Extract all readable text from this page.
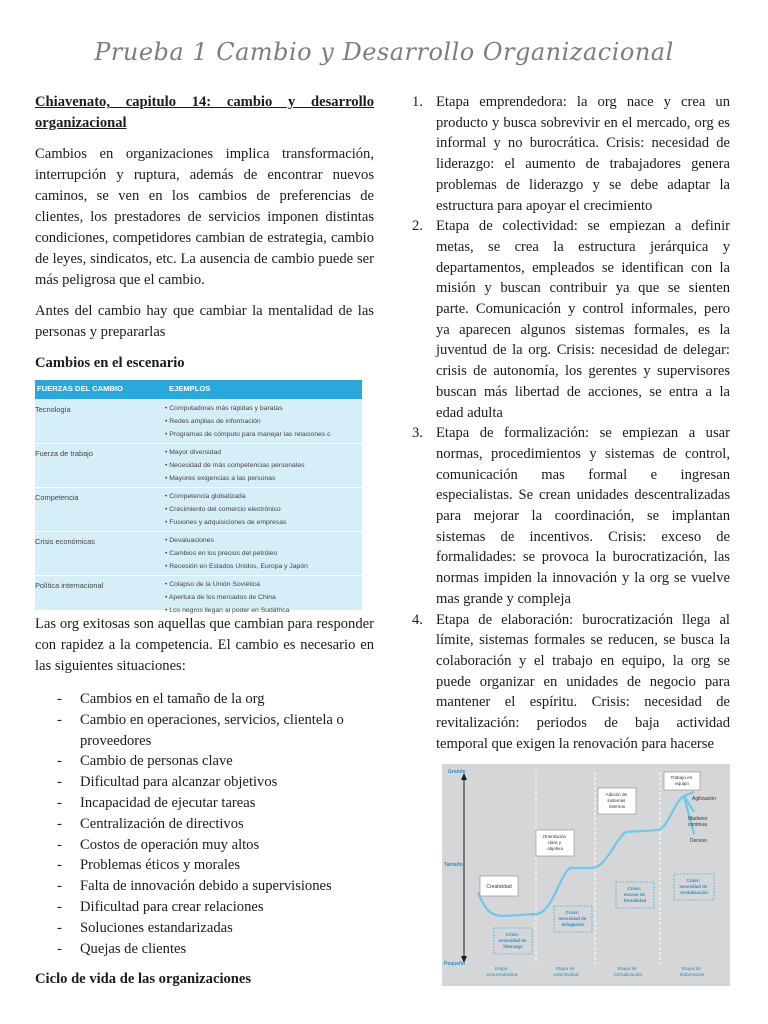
Prueba 1 Cambio y Desarrollo Organizacional
Chiavenato, capitulo 14: cambio y desarrollo organizacional

Cambios en organizaciones implica transformación, interrupción y ruptura, además de encontrar nuevos caminos, se ven en los cambios de preferencias de clientes, los prestadores de servicios imponen distintas condiciones, competidores cambian de estrategia, cambio de leyes, sindicatos, etc. La ausencia de cambio puede ser más peligrosa que el cambio.

Antes del cambio hay que cambiar la mentalidad de las personas y prepararlas

Cambios en el escenario
FUERZAS DEL CAMBIO	EJEMPLOS
Tecnología	• Computadoras más rápidas y baratas
• Redes amplias de información
• Programas de cómputo para manejar las relaciones c
Fuerza de trabajo	• Mayor diversidad
• Necesidad de más competencias personales
• Mayores exigencias a las personas
Competencia	• Competencia globalizada
• Crecimiento del comercio electrónico
• Fusiones y adquisiciones de empresas
Crisis económicas	• Devaluaciones
• Cambios en los precios del petróleo
• Recesión en Estados Unidos, Europa y Japón
Política internacional	• Colapso de la Unión Soviética
• Apertura de los mercados de China
• Los negros llegan al poder en Sudáfrica

Las org exitosas son aquellas que cambian para responder con rapidez a la competencia. El cambio es necesario en las siguientes situaciones:

- Cambios en el tamaño de la org
- Cambio en operaciones, servicios, clientela o proveedores
- Cambio de personas clave
- Dificultad para alcanzar objetivos
- Incapacidad de ejecutar tareas
- Centralización de directivos
- Costos de operación muy altos
- Problemas éticos y morales
- Falta de innovación debido a supervisiones
- Dificultad para crear relaciones
- Soluciones estandarizadas
- Quejas de clientes
Ciclo de vida de las organizaciones
1. Etapa emprendedora: la org nace y crea un producto y busca sobrevivir en el mercado, org es informal y no burocrática. Crisis: necesidad de liderazgo: el aumento de trabajadores genera problemas de liderazgo y se debe adaptar la estructura para apoyar el crecimiento
2. Etapa de colectividad: se empiezan a definir metas, se crea la estructura jerárquica y departamentos, empleados se identifican con la misión y buscan contribuir ya que se sienten parte. Comunicación y control informales, pero ya aparecen algunos sistemas formales, es la juventud de la org. Crisis: necesidad de delegar: crisis de autonomía, los gerentes y supervisores buscan más libertad de acciones, se entra a la edad adulta
3. Etapa de formalización: se empiezan a usar normas, procedimientos y sistemas de control, comunicación mas formal e ingresan especialistas. Se crean unidades descentralizadas para mejorar la coordinación, se implantan sistemas de incentivos. Crisis: exceso de formalidades: se provoca la burocratización, las normas impiden la innovación y la org se vuelve mas grande y compleja
4. Etapa de elaboración: burocratización llega al límite, sistemas formales se reducen, se busca la colaboración y el trabajo en equipo, la org se puede organizar en unidades de negocio para mantener el espíritu. Crisis: necesidad de revitalización: periodos de baja actividad temporal que exigen la renovación para hacerse
Grande
Tamaño
Pequeño
Creatividad
Orientación clara y objetiva
Adición de sistemas internos
Trabajo en equipo
Crisis: necesidad de liderazgo
Crisis: necesidad de delegación
Crisis: exceso de formalidad
Crisis: necesidad de revitalización
Agilización
Madurez continua
Deceso
Etapa emprendedora
Etapa de colectividad
Etapa de formalización
Etapa de elaboración
